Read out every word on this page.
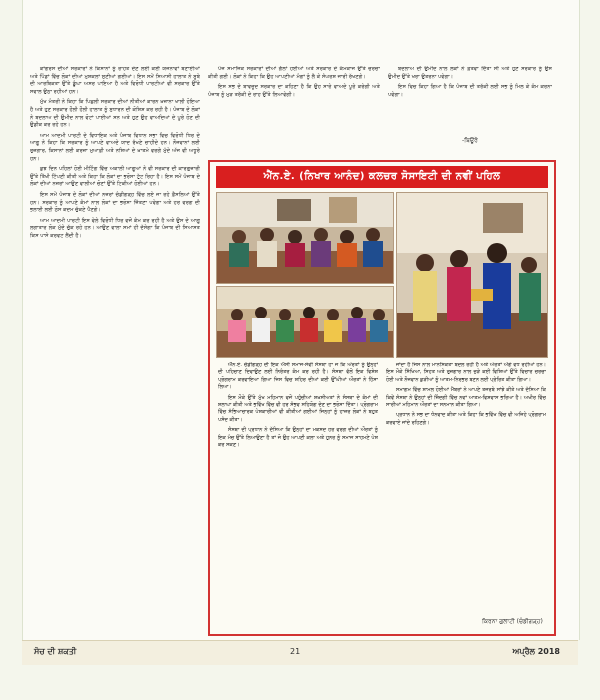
ਕਾਂਗਰਸ ਦੀਆਂ ਸਰਕਾਰਾਂ ਨੇ ਕਿਸਾਨਾਂ ਨੂੰ ਰਾਹਤ ਦੇਣ ਲਈ ਕਈ ਯੋਜਨਾਵਾਂ ਬਣਾਈਆਂ ਅਤੇ ਪਿੰਡਾਂ ਵਿੱਚ ਲੋਕਾਂ ਦੀਆਂ ਮੁਸ਼ਕਲਾਂ ਸੁਣੀਆਂ ਗਈਆਂ। ਇਸ ਸਮੇਂ ਸਿਆਸੀ ਹਾਲਾਤ ਨੇ ਸੂਬੇ ਦੀ ਆਰਥਿਕਤਾ ਉੱਤੇ ਡੂੰਘਾ ਅਸਰ ਪਾਇਆ ਹੈ ਅਤੇ ਵਿਰੋਧੀ ਪਾਰਟੀਆਂ ਵੀ ਸਰਕਾਰ ਉੱਤੇ ਸਵਾਲ ਉਠਾ ਰਹੀਆਂ ਹਨ।

ਮੁੱਖ ਮੰਤਰੀ ਨੇ ਕਿਹਾ ਕਿ ਪਿਛਲੀ ਸਰਕਾਰ ਦੀਆਂ ਨੀਤੀਆਂ ਕਾਰਨ ਖ਼ਜ਼ਾਨਾ ਖਾਲੀ ਹੋਇਆ ਹੈ ਅਤੇ ਹੁਣ ਸਰਕਾਰ ਹੌਲੀ ਹੌਲੀ ਹਾਲਾਤ ਨੂੰ ਸੁਧਾਰਨ ਦੀ ਕੋਸ਼ਿਸ਼ ਕਰ ਰਹੀ ਹੈ। ਪੰਜਾਬ ਦੇ ਲੋਕਾਂ ਨੇ ਬਦਲਾਅ ਦੀ ਉਮੀਦ ਨਾਲ ਵੋਟਾਂ ਪਾਈਆਂ ਸਨ ਅਤੇ ਹੁਣ ਉਹ ਵਾਅਦਿਆਂ ਦੇ ਪੂਰੇ ਹੋਣ ਦੀ ਉਡੀਕ ਕਰ ਰਹੇ ਹਨ।

ਆਮ ਆਦਮੀ ਪਾਰਟੀ ਦੇ ਵਿਧਾਇਕ ਅਤੇ ਪੰਜਾਬ ਵਿਧਾਨ ਸਭਾ ਵਿਚ ਵਿਰੋਧੀ ਧਿਰ ਦੇ ਆਗੂ ਨੇ ਕਿਹਾ ਕਿ ਸਰਕਾਰ ਨੂੰ ਆਪਣੇ ਵਾਅਦੇ ਯਾਦ ਰੱਖਣੇ ਚਾਹੀਦੇ ਹਨ। ਨੌਜਵਾਨਾਂ ਲਈ ਰੁਜ਼ਗਾਰ, ਕਿਸਾਨਾਂ ਲਈ ਕਰਜ਼ਾ ਮੁਆਫ਼ੀ ਅਤੇ ਨਸ਼ਿਆਂ ਦੇ ਖ਼ਾਤਮੇ ਵਰਗੇ ਮੁੱਦੇ ਅੱਜ ਵੀ ਅਧੂਰੇ ਹਨ।

ਕੁਝ ਦਿਨ ਪਹਿਲਾਂ ਹੋਈ ਮੀਟਿੰਗ ਵਿੱਚ ਅਕਾਲੀ ਆਗੂਆਂ ਨੇ ਵੀ ਸਰਕਾਰ ਦੀ ਕਾਰਗੁਜ਼ਾਰੀ ਉੱਤੇ ਤਿੱਖੀ ਟਿੱਪਣੀ ਕੀਤੀ ਅਤੇ ਕਿਹਾ ਕਿ ਲੋਕਾਂ ਦਾ ਭਰੋਸਾ ਟੁੱਟ ਰਿਹਾ ਹੈ। ਇਸ ਸਮੇਂ ਪੰਜਾਬ ਦੇ ਲੋਕਾਂ ਦੀਆਂ ਨਜ਼ਰਾਂ ਆਉਣ ਵਾਲੀਆਂ ਚੋਣਾਂ ਉੱਤੇ ਟਿਕੀਆਂ ਹੋਈਆਂ ਹਨ।

ਇਸ ਸਮੇਂ ਪੰਜਾਬ ਦੇ ਲੋਕਾਂ ਦੀਆਂ ਨਜ਼ਰਾਂ ਚੰਡੀਗੜ੍ਹ ਵਿੱਚ ਲਏ ਜਾ ਰਹੇ ਫ਼ੈਸਲਿਆਂ ਉੱਤੇ ਹਨ। ਸਰਕਾਰ ਨੂੰ ਆਪਣੇ ਕੰਮਾਂ ਨਾਲ ਲੋਕਾਂ ਦਾ ਭਰੋਸਾ ਜਿੱਤਣਾ ਪਵੇਗਾ ਅਤੇ ਹਰ ਵਰਗ ਦੀ ਭਲਾਈ ਲਈ ਠੋਸ ਕਦਮ ਚੁੱਕਣੇ ਪੈਣਗੇ।

ਆਮ ਆਦਮੀ ਪਾਰਟੀ ਇਸ ਵੇਲੇ ਵਿਰੋਧੀ ਧਿਰ ਵਜੋਂ ਕੰਮ ਕਰ ਰਹੀ ਹੈ ਅਤੇ ਉਸ ਦੇ ਆਗੂ ਲਗਾਤਾਰ ਲੋਕ ਮੁੱਦੇ ਚੁੱਕ ਰਹੇ ਹਨ। ਆਉਣ ਵਾਲਾ ਸਮਾਂ ਹੀ ਦੱਸੇਗਾ ਕਿ ਪੰਜਾਬ ਦੀ ਸਿਆਸਤ ਕਿਸ ਪਾਸੇ ਕਰਵਟ ਲੈਂਦੀ ਹੈ।

ਪੰਜ ਸਮਾਜਿਕ ਸਰੋਕਾਰਾਂ ਦੀਆਂ ਗੱਲਾਂ ਹੋਈਆਂ ਅਤੇ ਸਰਕਾਰ ਦੇ ਕੰਮਕਾਜ ਉੱਤੇ ਚਰਚਾ ਕੀਤੀ ਗਈ। ਲੋਕਾਂ ਨੇ ਕਿਹਾ ਕਿ ਉਹ ਆਪਣੀਆਂ ਮੰਗਾਂ ਨੂੰ ਲੈ ਕੇ ਸੰਘਰਸ਼ ਜਾਰੀ ਰੱਖਣਗੇ।

ਇਸ ਸਭ ਦੇ ਬਾਵਜੂਦ ਸਰਕਾਰ ਦਾ ਕਹਿਣਾ ਹੈ ਕਿ ਉਹ ਸਾਰੇ ਵਾਅਦੇ ਪੂਰੇ ਕਰੇਗੀ ਅਤੇ ਪੰਜਾਬ ਨੂੰ ਮੁੜ ਤਰੱਕੀ ਦੇ ਰਾਹ ਉੱਤੇ ਲਿਆਵੇਗੀ।

ਬਦਲਾਅ ਦੀ ਉਮੀਦ ਨਾਲ ਲੋਕਾਂ ਨੇ ਫ਼ਤਵਾ ਦਿੱਤਾ ਸੀ ਅਤੇ ਹੁਣ ਸਰਕਾਰ ਨੂੰ ਉਸ ਉਮੀਦ ਉੱਤੇ ਖਰਾ ਉਤਰਨਾ ਪਵੇਗਾ।

ਇਸ ਵਿਚ ਕਿਹਾ ਗਿਆ ਹੈ ਕਿ ਪੰਜਾਬ ਦੀ ਤਰੱਕੀ ਲਈ ਸਭ ਨੂੰ ਮਿਲ ਕੇ ਕੰਮ ਕਰਨਾ ਪਵੇਗਾ।

-ਬਿਊਰੋ
ਐੱਨ.ਏ. (ਨਿਖਾਰ ਆਨੰਦ) ਕਲਚਰ ਸੋਸਾਇਟੀ ਦੀ ਨਵੀਂ ਪਹਿਲ

ਐੱਨ.ਏ. ਚੰਡੀਗੜ੍ਹ ਦੀ ਇਕ ਐਸੀ ਸਮਾਜ-ਸੇਵੀ ਸੰਸਥਾ ਹਾ ਜੋ ਕਿ ਔਰਤਾਂ ਨੂੰ ਉਨ੍ਹਾਂ ਦੀ ਪਹਿਚਾਣ ਦਿਵਾਉਣ ਲਈ ਨਿਰੰਤਰ ਕੰਮ ਕਰ ਰਹੀ ਹੈ। ਸੰਸਥਾ ਵੱਲੋਂ ਇਕ ਵਿਸ਼ੇਸ਼ ਪ੍ਰੋਗਰਾਮ ਕਰਵਾਇਆ ਗਿਆ ਜਿਸ ਵਿਚ ਸ਼ਹਿਰ ਦੀਆਂ ਕਈ ਉੱਘੀਆਂ ਔਰਤਾਂ ਨੇ ਹਿੱਸਾ ਲਿਆ।

ਇਸ ਮੌਕੇ ਉੱਤੇ ਮੁੱਖ ਮਹਿਮਾਨ ਵਜੋਂ ਪਹੁੰਚੀਆਂ ਸ਼ਖ਼ਸੀਅਤਾਂ ਨੇ ਸੰਸਥਾ ਦੇ ਕੰਮਾਂ ਦੀ ਸ਼ਲਾਘਾ ਕੀਤੀ ਅਤੇ ਭਵਿੱਖ ਵਿੱਚ ਵੀ ਹਰ ਸੰਭਵ ਸਹਿਯੋਗ ਦੇਣ ਦਾ ਭਰੋਸਾ ਦਿੱਤਾ। ਪ੍ਰੋਗਰਾਮ ਵਿੱਚ ਸੱਭਿਆਚਾਰਕ ਪੇਸ਼ਕਾਰੀਆਂ ਵੀ ਕੀਤੀਆਂ ਗਈਆਂ ਜਿਨ੍ਹਾਂ ਨੂੰ ਹਾਜ਼ਰ ਲੋਕਾਂ ਨੇ ਬਹੁਤ ਪਸੰਦ ਕੀਤਾ।

ਸੰਸਥਾ ਦੀ ਪ੍ਰਧਾਨ ਨੇ ਦੱਸਿਆ ਕਿ ਉਨ੍ਹਾਂ ਦਾ ਮਕਸਦ ਹਰ ਵਰਗ ਦੀਆਂ ਔਰਤਾਂ ਨੂੰ ਇਕ ਮੰਚ ਉੱਤੇ ਲਿਆਉਣਾ ਹੈ ਤਾਂ ਜੋ ਉਹ ਆਪਣੀ ਕਲਾ ਅਤੇ ਹੁਨਰ ਨੂੰ ਸਮਾਜ ਸਾਹਮਣੇ ਪੇਸ਼ ਕਰ ਸਕਣ।

ਜਾਂਦਾ ਹੈ ਜਿਸ ਨਾਲ ਮਾਨਸਿਕਤਾ ਬਦਲ ਰਹੀ ਹੈ ਅਤੇ ਔਰਤਾਂ ਅੱਗੇ ਵਧ ਰਹੀਆਂ ਹਨ। ਇਸ ਮੌਕੇ ਸਿੱਖਿਆ, ਸਿਹਤ ਅਤੇ ਰੁਜ਼ਗਾਰ ਨਾਲ ਜੁੜੇ ਕਈ ਵਿਸ਼ਿਆਂ ਉੱਤੇ ਵਿਚਾਰ ਚਰਚਾ ਹੋਈ ਅਤੇ ਨੌਜਵਾਨ ਕੁੜੀਆਂ ਨੂੰ ਆਤਮ-ਨਿਰਭਰ ਬਣਨ ਲਈ ਪ੍ਰੇਰਿਤ ਕੀਤਾ ਗਿਆ।

ਸਮਾਗਮ ਵਿੱਚ ਸ਼ਾਮਲ ਹੋਈਆਂ ਮੈਂਬਰਾਂ ਨੇ ਆਪਣੇ ਤਜਰਬੇ ਸਾਂਝੇ ਕੀਤੇ ਅਤੇ ਦੱਸਿਆ ਕਿ ਕਿਵੇਂ ਸੰਸਥਾ ਨੇ ਉਨ੍ਹਾਂ ਦੀ ਜ਼ਿੰਦਗੀ ਵਿੱਚ ਨਵਾਂ ਆਤਮ-ਵਿਸ਼ਵਾਸ ਭਰਿਆ ਹੈ। ਅਖੀਰ ਵਿੱਚ ਸਾਰੀਆਂ ਮਹਿਮਾਨ ਔਰਤਾਂ ਦਾ ਸਨਮਾਨ ਕੀਤਾ ਗਿਆ।

ਪ੍ਰਧਾਨ ਨੇ ਸਭ ਦਾ ਧੰਨਵਾਦ ਕੀਤਾ ਅਤੇ ਕਿਹਾ ਕਿ ਭਵਿੱਖ ਵਿੱਚ ਵੀ ਅਜਿਹੇ ਪ੍ਰੋਗਰਾਮ ਕਰਵਾਏ ਜਾਂਦੇ ਰਹਿਣਗੇ।

ਕਿਰਨਾ ਗੁਲਾਟੀ (ਚੰਡੀਗੜ੍ਹ)
ਸੋਚ ਦੀ ਸ਼ਕਤੀ	21	ਅਪ੍ਰੈਲ 2018
